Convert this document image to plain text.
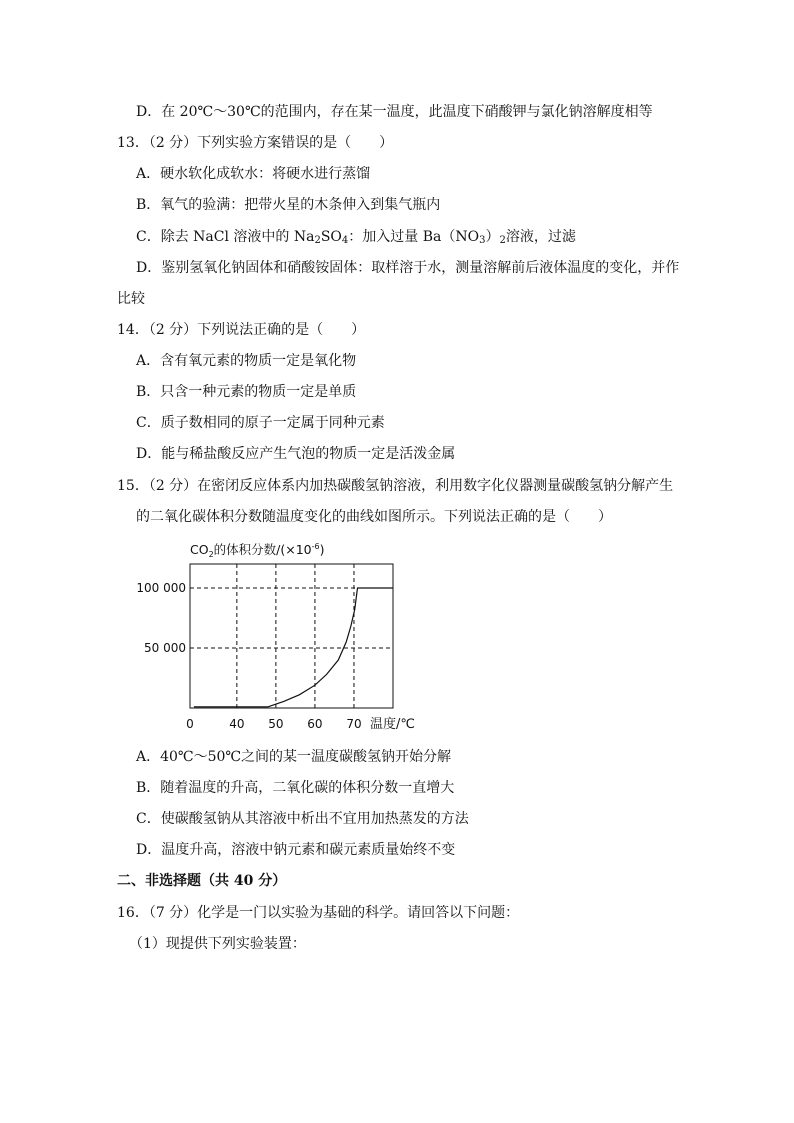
D．在 20℃～30℃的范围内，存在某一温度，此温度下硝酸钾与氯化钠溶解度相等
13．（2 分）下列实验方案错误的是（　　）
A．硬水软化成软水：将硬水进行蒸馏
B．氧气的验满：把带火星的木条伸入到集气瓶内
C．除去 NaCl 溶液中的 $Na_2SO_4$：加入过量 $Ba(NO_3)_2$溶液，过滤
D．鉴别氢氧化钠固体和硝酸铵固体：取样溶于水，测量溶解前后液体温度的变化，并作
比较
14．（2 分）下列说法正确的是（　　）
A．含有氧元素的物质一定是氧化物
B．只含一种元素的物质一定是单质
C．质子数相同的原子一定属于同种元素
D．能与稀盐酸反应产生气泡的物质一定是活泼金属
15．（2 分）在密闭反应体系内加热碳酸氢钠溶液，利用数字化仪器测量碳酸氢钠分解产生
的二氧化碳体积分数随温度变化的曲线如图所示。下列说法正确的是（　　）
$CO_2$的体积分数$/(\times 10^{-6})$
50 000
100 000
0	40 50 60 70 温度/℃
A．40℃～50℃之间的某一温度碳酸氢钠开始分解
B．随着温度的升高，二氧化碳的体积分数一直增大
C．使碳酸氢钠从其溶液中析出不宜用加热蒸发的方法
D．温度升高，溶液中钠元素和碳元素质量始终不变
二、非选择题（共 40 分）
16．（7 分）化学是一门以实验为基础的科学。请回答以下问题：
（1）现提供下列实验装置：
